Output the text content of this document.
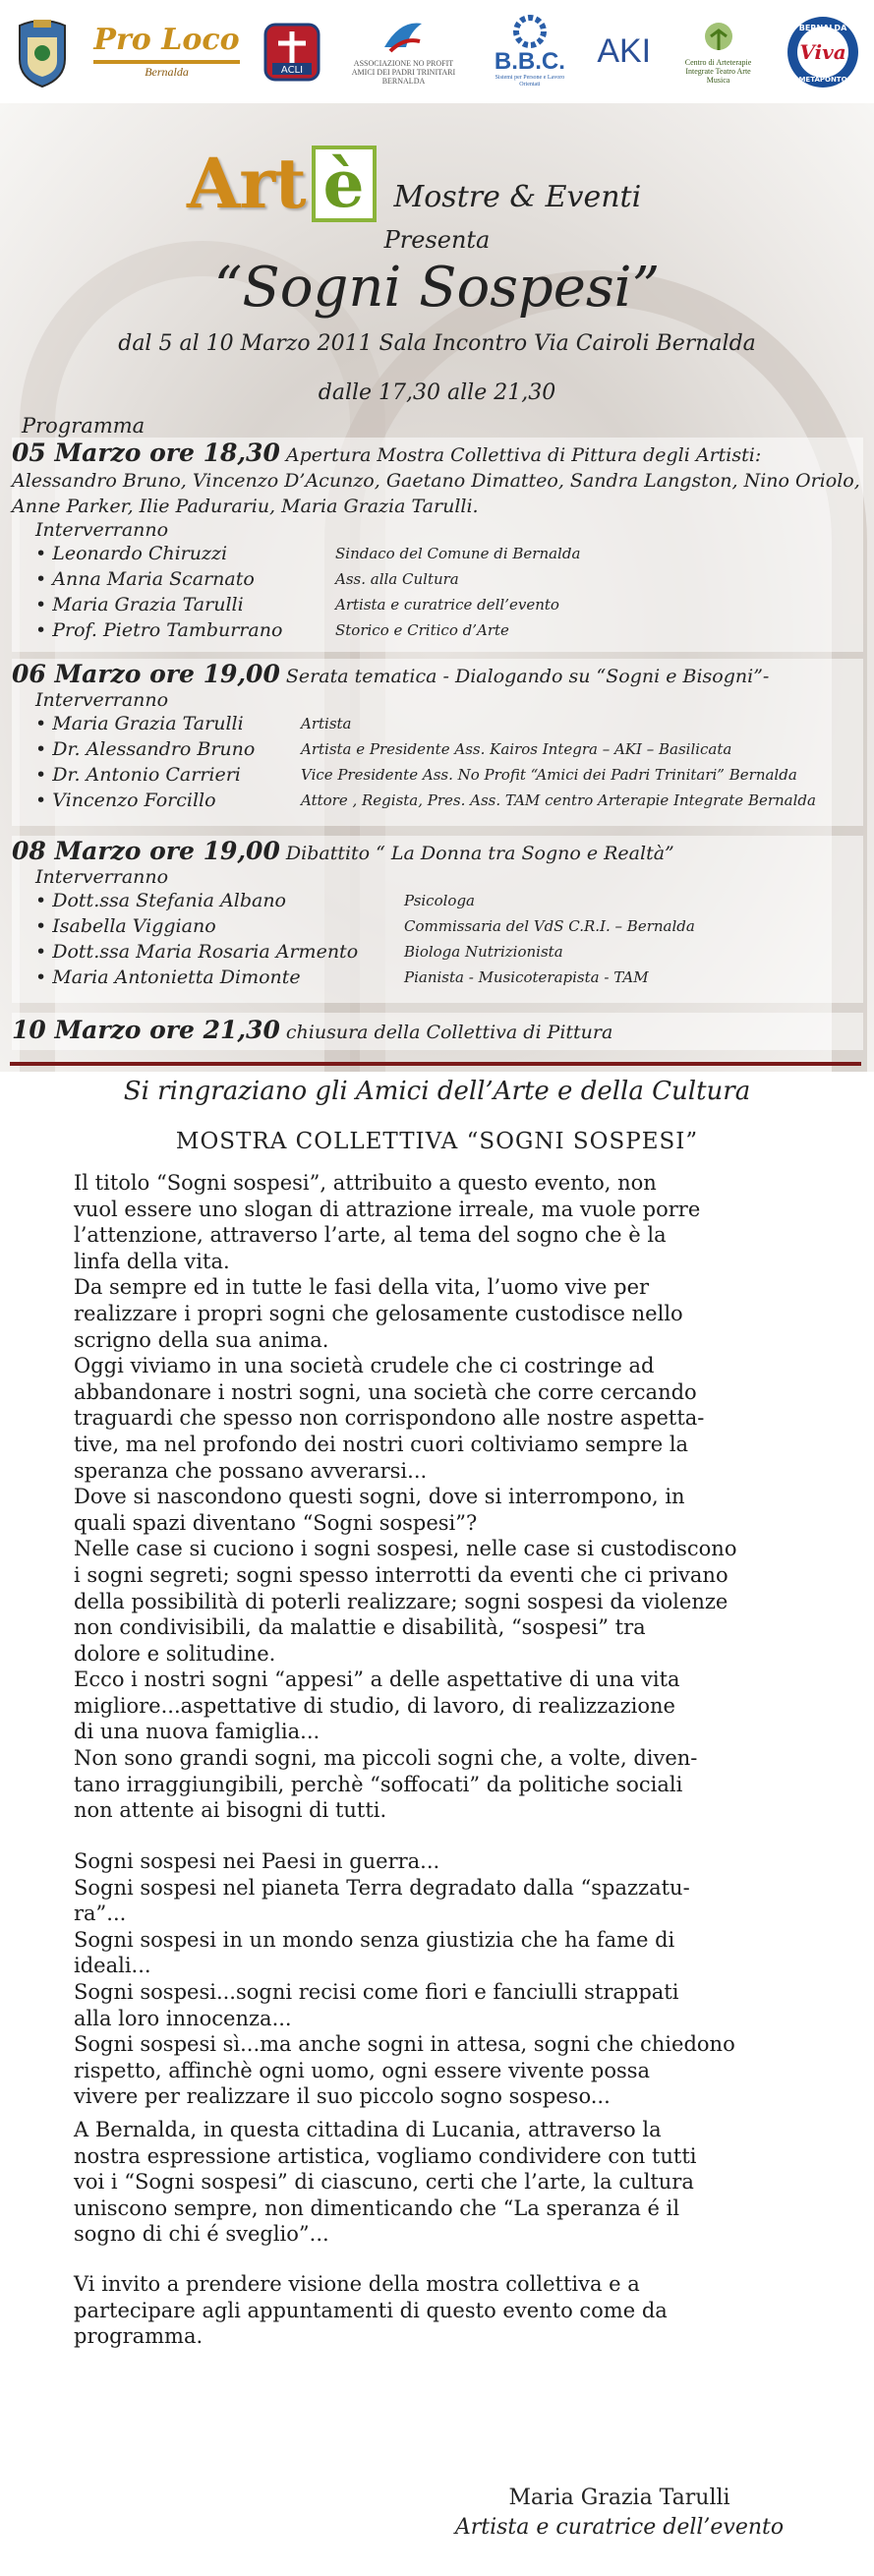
Pro Loco
Bernalda	ACLI
ASSOCIAZIONE NO PROFIT AMICI DEI PADRI TRINITARI BERNALDA
B.B.C.
Sistemi per Persone e Lavoro Orientati
AKI	Centro di Arteterapie Integrate Teatro Arte Musica
BERNALDA
Viva
METAPONTO
Art è	Mostre & Eventi
Presenta
“Sogni Sospesi”
dal 5 al 10 Marzo 2011 Sala Incontro Via Cairoli Bernalda
dalle 17,30 alle 21,30
Programma
05 Marzo ore 18,30 Apertura Mostra Collettiva di Pittura degli Artisti: Alessandro Bruno, Vincenzo D’Acunzo, Gaetano Dimatteo, Sandra Langston, Nino Oriolo, Anne Parker, Ilie Padurariu, Maria Grazia Tarulli.
Interverranno
• Leonardo Chiruzzi	Sindaco del Comune di Bernalda
• Anna Maria Scarnato	Ass. alla Cultura
• Maria Grazia Tarulli	Artista e curatrice dell’evento
• Prof. Pietro Tamburrano	Storico e Critico d’Arte
06 Marzo ore 19,00 Serata tematica - Dialogando su “Sogni e Bisogni”-
Interverranno
• Maria Grazia Tarulli	Artista
• Dr. Alessandro Bruno	Artista e Presidente Ass. Kairos Integra – AKI – Basilicata
• Dr. Antonio Carrieri	Vice Presidente Ass. No Profit “Amici dei Padri Trinitari” Bernalda
• Vincenzo Forcillo	Attore , Regista, Pres. Ass. TAM centro Arterapie Integrate Bernalda
08 Marzo ore 19,00 Dibattito “ La Donna tra Sogno e Realtà”
Interverranno
• Dott.ssa Stefania Albano	Psicologa
• Isabella Viggiano	Commissaria del VdS C.R.I. – Bernalda
• Dott.ssa Maria Rosaria Armento	Biologa Nutrizionista
• Maria Antonietta Dimonte	Pianista - Musicoterapista - TAM
10 Marzo ore 21,30 chiusura della Collettiva di Pittura
Si ringraziano gli Amici dell’Arte e della Cultura
MOSTRA COLLETTIVA “SOGNI SOSPESI”

Il titolo “Sogni sospesi”, attribuito a questo evento, non

vuol essere uno slogan di attrazione irreale, ma vuole porre

l’attenzione, attraverso l’arte, al tema del sogno che è la

linfa della vita.

Da sempre ed in tutte le fasi della vita, l’uomo vive per

realizzare i propri sogni che gelosamente custodisce nello

scrigno della sua anima.

Oggi viviamo in una società crudele che ci costringe ad

abbandonare i nostri sogni, una società che corre cercando

traguardi che spesso non corrispondono alle nostre aspetta-

tive, ma nel profondo dei nostri cuori coltiviamo sempre la

speranza che possano avverarsi...

Dove si nascondono questi sogni, dove si interrompono, in

quali spazi diventano “Sogni sospesi”?

Nelle case si cuciono i sogni sospesi, nelle case si custodiscono

i sogni segreti; sogni spesso interrotti da eventi che ci privano

della possibilità di poterli realizzare; sogni sospesi da violenze

non condivisibili, da malattie e disabilità, “sospesi” tra

dolore e solitudine.

Ecco i nostri sogni “appesi” a delle aspettative di una vita

migliore...aspettative di studio, di lavoro, di realizzazione

di una nuova famiglia...

Non sono grandi sogni, ma piccoli sogni che, a volte, diven-

tano irraggiungibili, perchè “soffocati” da politiche sociali

non attente ai bisogni di tutti.

Sogni sospesi nei Paesi in guerra...

Sogni sospesi nel pianeta Terra degradato dalla “spazzatu-

ra”...

Sogni sospesi in un mondo senza giustizia che ha fame di

ideali...

Sogni sospesi...sogni recisi come fiori e fanciulli strappati

alla loro innocenza...

Sogni sospesi sì...ma anche sogni in attesa, sogni che chiedono

rispetto, affinchè ogni uomo, ogni essere vivente possa

vivere per realizzare il suo piccolo sogno sospeso...

A Bernalda, in questa cittadina di Lucania, attraverso la

nostra espressione artistica, vogliamo condividere con tutti

voi i “Sogni sospesi” di ciascuno, certi che l’arte, la cultura

uniscono sempre, non dimenticando che “La speranza é il

sogno di chi é sveglio”...

Vi invito a prendere visione della mostra collettiva e a

partecipare agli appuntamenti di questo evento come da

programma.

Maria Grazia Tarulli
Artista e curatrice dell’evento
